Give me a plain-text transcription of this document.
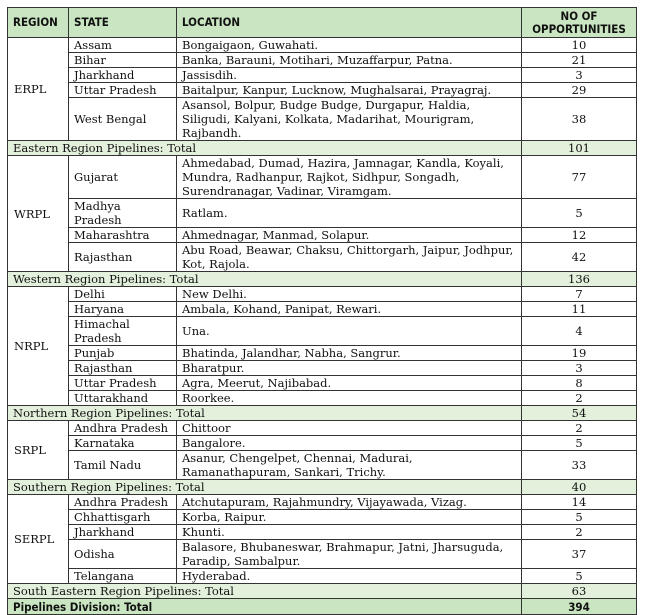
REGION	STATE	LOCATION	NO OF OPPORTUNITIES
ERPL	Assam	Bongaigaon, Guwahati.	10
	Bihar	Banka, Barauni, Motihari, Muzaffarpur, Patna.	21
	Jharkhand	Jassisdih.	3
	Uttar Pradesh	Baitalpur, Kanpur, Lucknow, Mughalsarai, Prayagraj.	29
	West Bengal	Asansol, Bolpur, Budge Budge, Durgapur, Haldia, Siligudi, Kalyani, Kolkata, Madarihat, Mourigram, Rajbandh.	38
Eastern Region Pipelines: Total			101
WRPL	Gujarat	Ahmedabad, Dumad, Hazira, Jamnagar, Kandla, Koyali, Mundra, Radhanpur, Rajkot, Sidhpur, Songadh, Surendranagar, Vadinar, Viramgam.	77
	Madhya Pradesh	Ratlam.	5
	Maharashtra	Ahmednagar, Manmad, Solapur.	12
	Rajasthan	Abu Road, Beawar, Chaksu, Chittorgarh, Jaipur, Jodhpur, Kot, Rajola.	42
Western Region Pipelines: Total			136
NRPL	Delhi	New Delhi.	7
	Haryana	Ambala, Kohand, Panipat, Rewari.	11
	Himachal Pradesh	Una.	4
	Punjab	Bhatinda, Jalandhar, Nabha, Sangrur.	19
	Rajasthan	Bharatpur.	3
	Uttar Pradesh	Agra, Meerut, Najibabad.	8
	Uttarakhand	Roorkee.	2
Northern Region Pipelines: Total			54
SRPL	Andhra Pradesh	Chittoor	2
	Karnataka	Bangalore.	5
	Tamil Nadu	Asanur, Chengelpet, Chennai, Madurai, Ramanathapuram, Sankari, Trichy.	33
Southern Region Pipelines: Total			40
SERPL	Andhra Pradesh	Atchutapuram, Rajahmundry, Vijayawada, Vizag.	14
	Chhattisgarh	Korba, Raipur.	5
	Jharkhand	Khunti.	2
	Odisha	Balasore, Bhubaneswar, Brahmapur, Jatni, Jharsuguda, Paradip, Sambalpur.	37
	Telangana	Hyderabad.	5
South Eastern Region Pipelines: Total			63
Pipelines Division: Total			394
